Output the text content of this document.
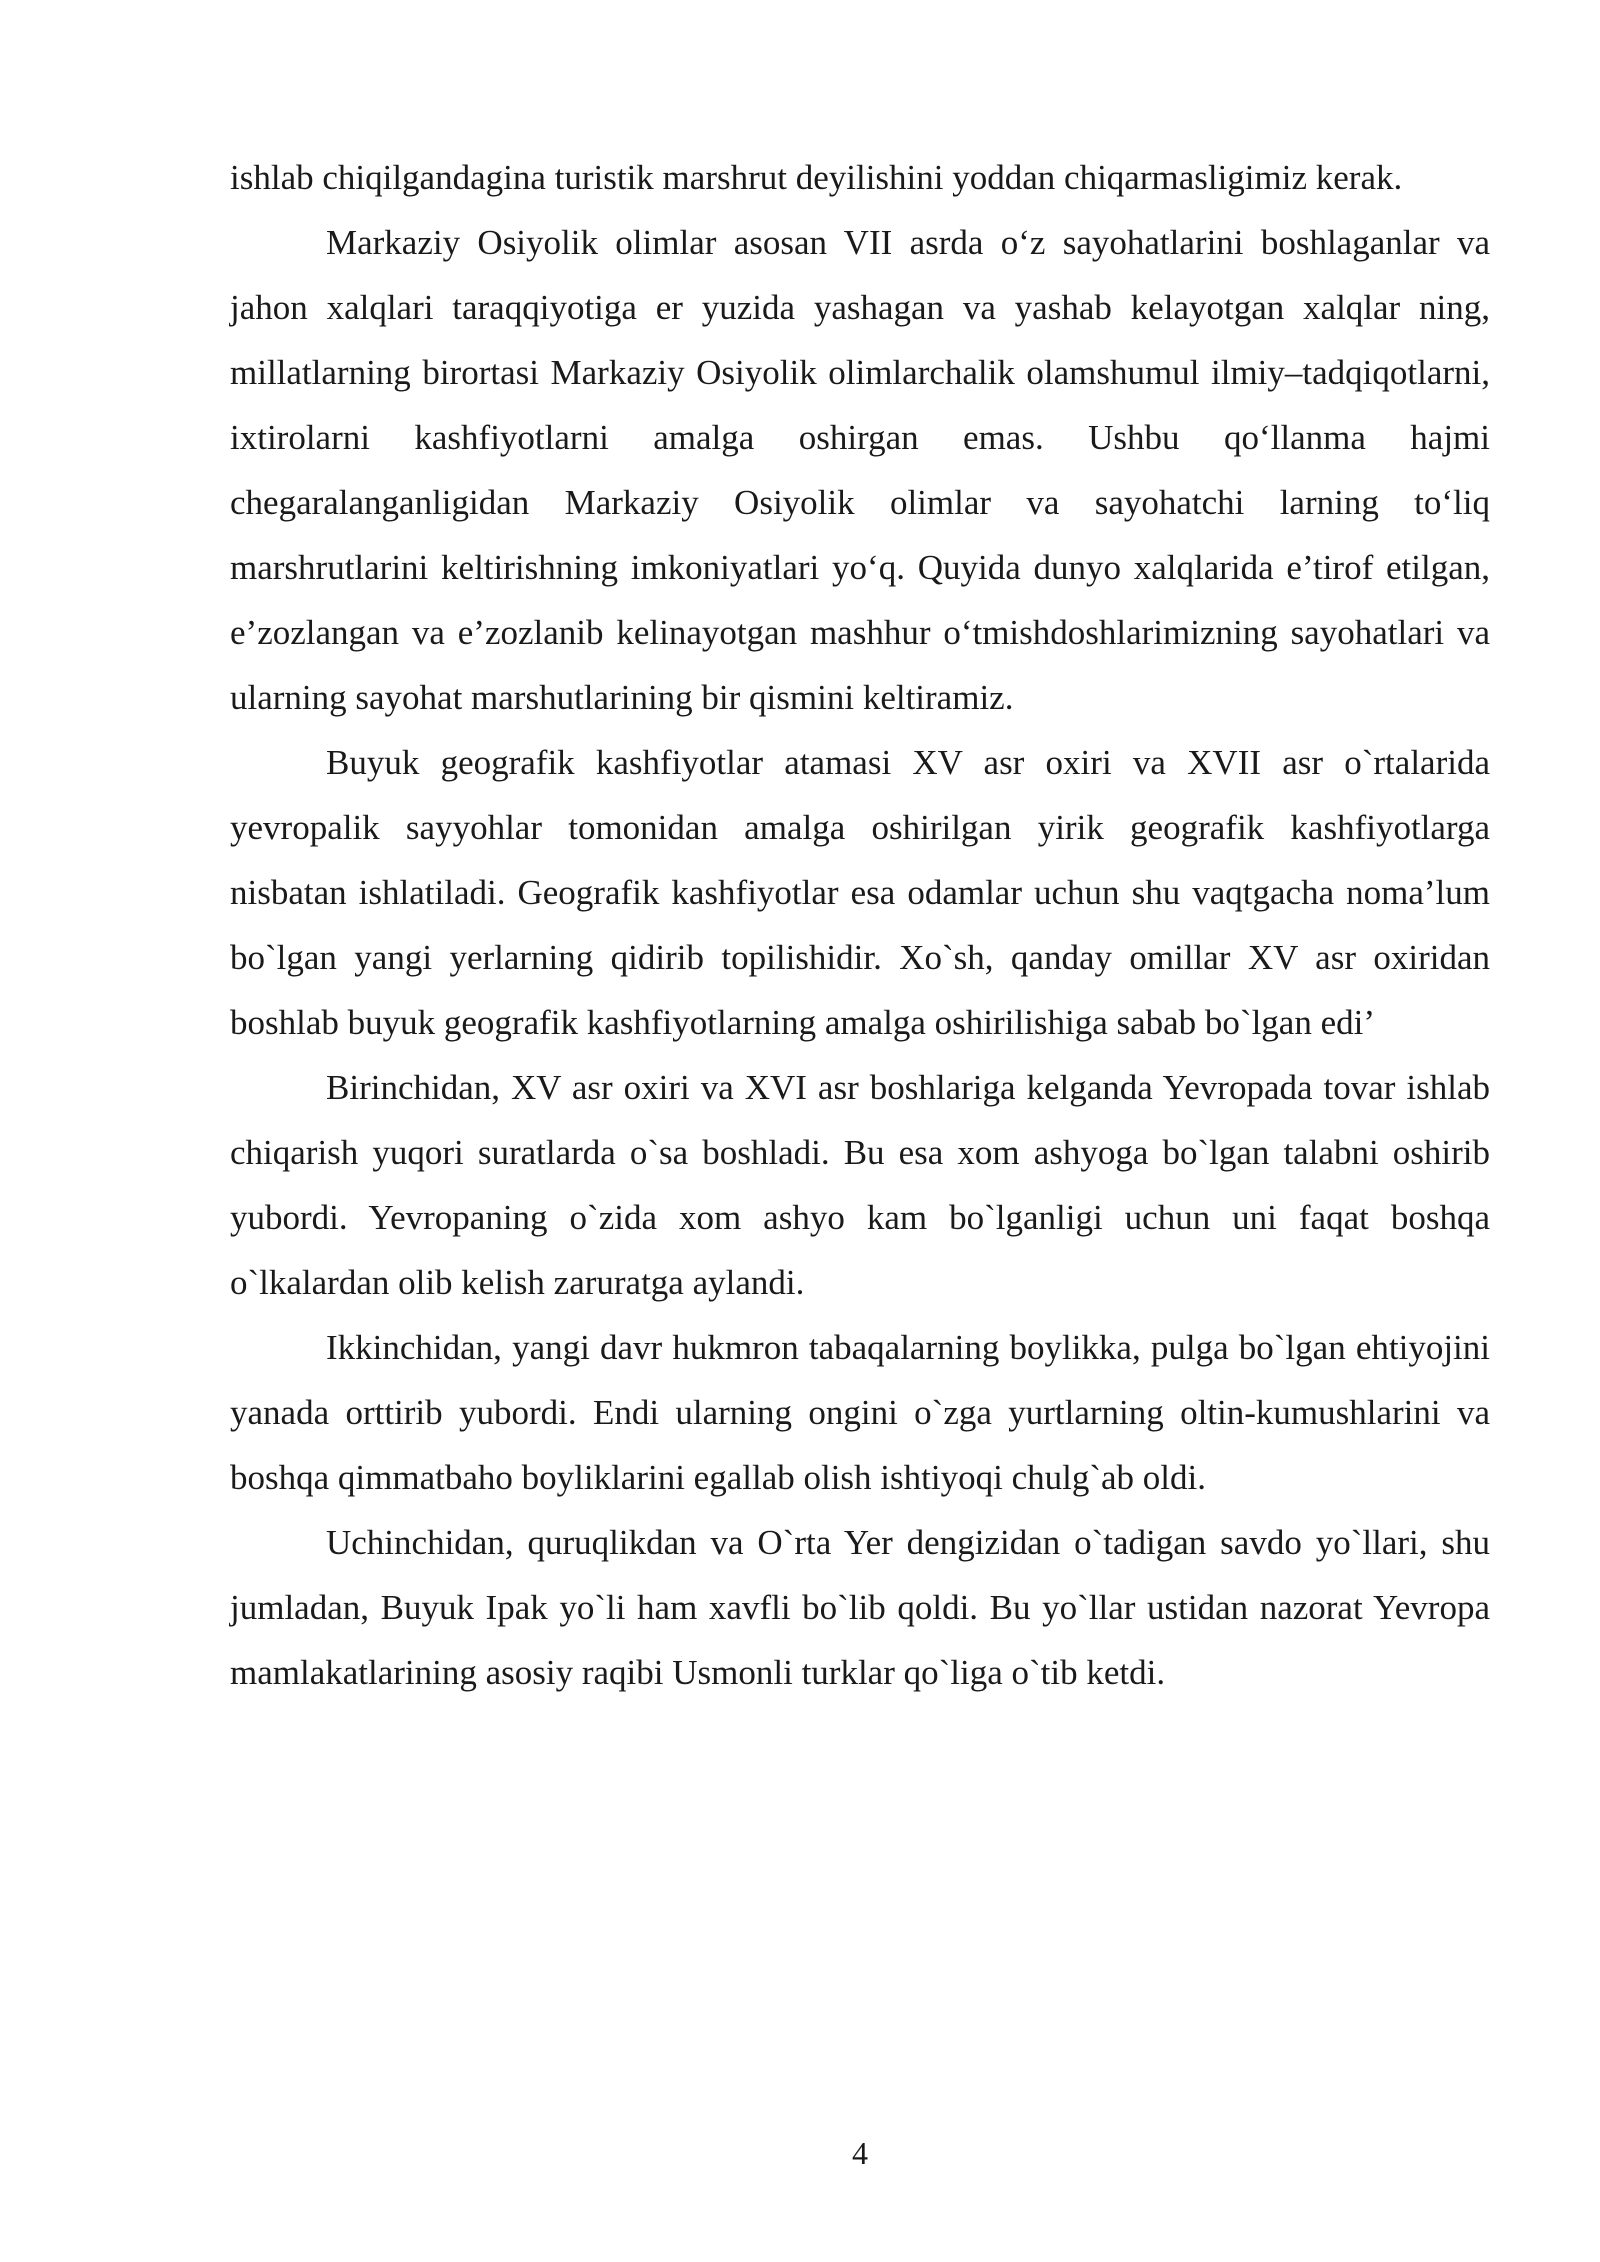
ishlab chiqilgandagina turistik marshrut deyilishini yoddan chiqarmasligimiz kerak.

Markaziy Osiyolik olimlar asosan VII asrda o‘z sayohatlarini boshlaganlar va jahon xalqlari taraqqiyotiga er yuzida yashagan va yashab kelayotgan xalqlar ning, millatlarning birortasi Markaziy Osiyolik olimlarchalik olamshumul ilmiy–tadqiqotlarni, ixtirolarni kashfiyotlarni amalga oshirgan emas. Ushbu qo‘llanma hajmi chegaralanganligidan Markaziy Osiyolik olimlar va sayohatchi larning to‘liq marshrutlarini keltirishning imkoniyatlari yo‘q. Quyida dunyo xalqlarida e’tirof etilgan, e’zozlangan va e’zozlanib kelinayotgan mashhur o‘tmishdoshlarimizning sayohatlari va ularning sayohat marshutlarining bir qismini keltiramiz.

Buyuk geografik kashfiyotlar atamasi XV asr oxiri va XVII asr o`rtalarida yevropalik sayyohlar tomonidan amalga oshirilgan yirik geografik kashfiyotlarga nisbatan ishlatiladi. Geografik kashfiyotlar esa odamlar uchun shu vaqtgacha noma’lum bo`lgan yangi yerlarning qidirib topilishidir. Xo`sh, qanday omillar XV asr oxiridan boshlab buyuk geografik kashfiyotlarning amalga oshirilishiga sabab bo`lgan edi’

Birinchidan, XV asr oxiri va XVI asr boshlariga kelganda Yevropada tovar ishlab chiqarish yuqori suratlarda o`sa boshladi. Bu esa xom ashyoga bo`lgan talabni oshirib yubordi. Yevropaning o`zida xom ashyo kam bo`lganligi uchun uni faqat boshqa o`lkalardan olib kelish zaruratga aylandi.

Ikkinchidan, yangi davr hukmron tabaqalarning boylikka, pulga bo`lgan ehtiyojini yanada orttirib yubordi. Endi ularning ongini o`zga yurtlarning oltin-kumushlarini va boshqa qimmatbaho boyliklarini egallab olish ishtiyoqi chulg`ab oldi.

Uchinchidan, quruqlikdan va O`rta Yer dengizidan o`tadigan savdo yo`llari, shu jumladan, Buyuk Ipak yo`li ham xavfli bo`lib qoldi. Bu yo`llar ustidan nazorat Yevropa mamlakatlarining asosiy raqibi Usmonli turklar qo`liga o`tib ketdi.

4
